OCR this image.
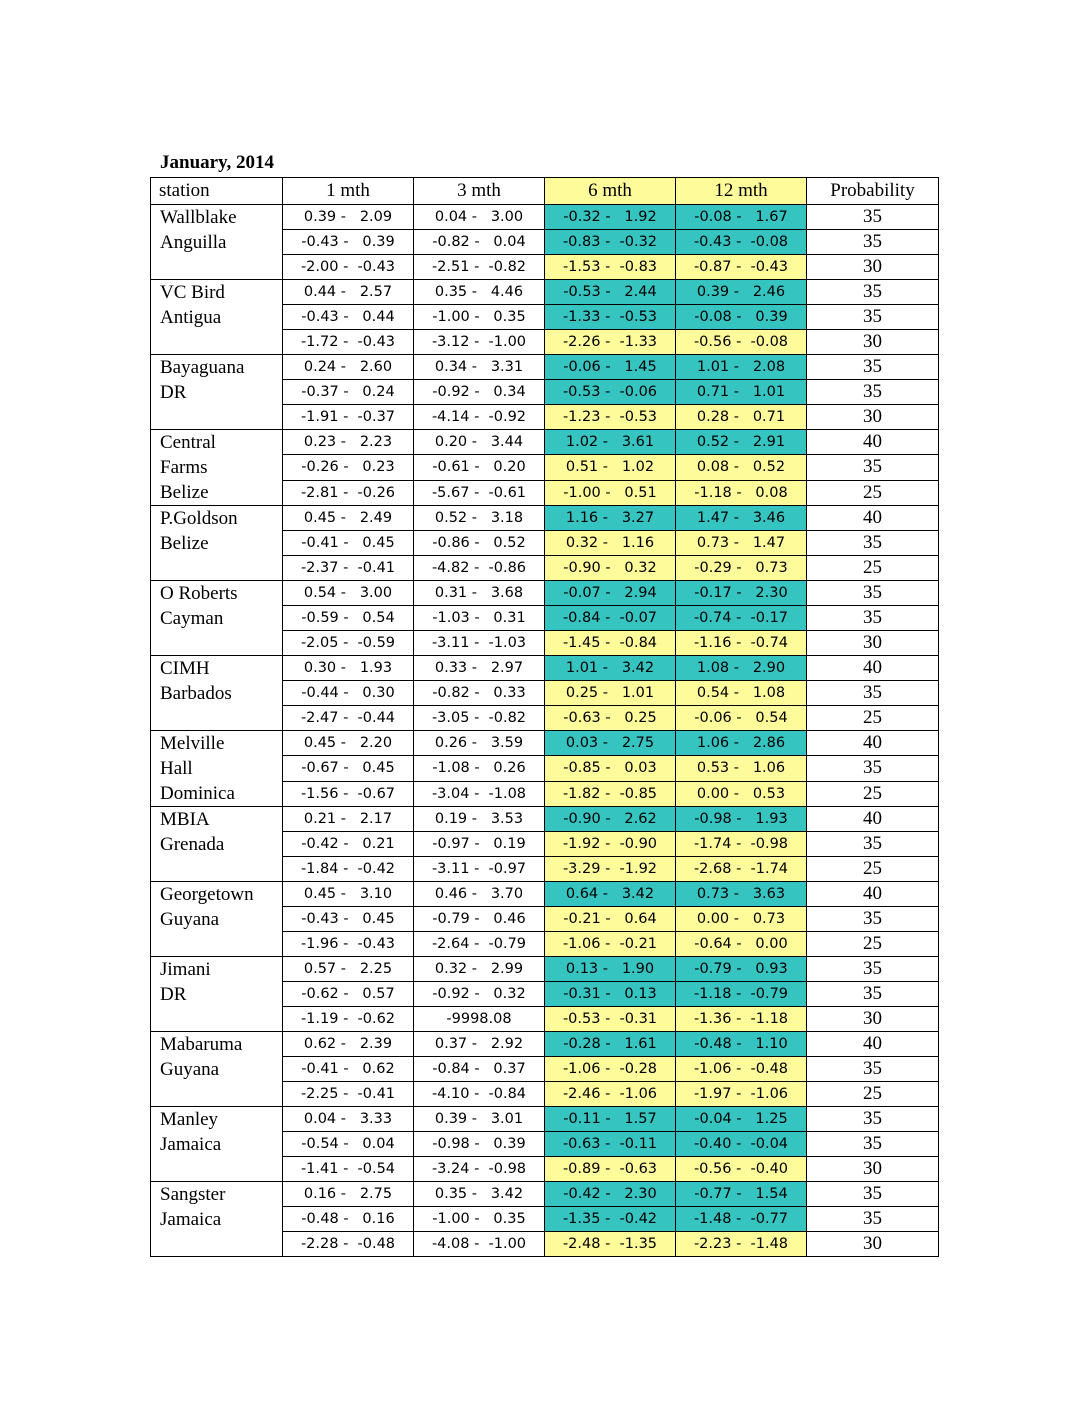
January, 2014
station	1 mth	3 mth	6 mth	12 mth	Probability

Wallblake
Anguilla	0.39 -   2.09	0.04 -   3.00	-0.32 -   1.92	-0.08 -   1.67	35
	-0.43 -   0.39	-0.82 -   0.04	-0.83 -  -0.32	-0.43 -  -0.08	35
	-2.00 -  -0.43	-2.51 -  -0.82	-1.53 -  -0.83	-0.87 -  -0.43	30

VC Bird
Antigua	0.44 -   2.57	0.35 -   4.46	-0.53 -   2.44	0.39 -   2.46	35
	-0.43 -   0.44	-1.00 -   0.35	-1.33 -  -0.53	-0.08 -   0.39	35
	-1.72 -  -0.43	-3.12 -  -1.00	-2.26 -  -1.33	-0.56 -  -0.08	30

Bayaguana
DR	0.24 -   2.60	0.34 -   3.31	-0.06 -   1.45	1.01 -   2.08	35
	-0.37 -   0.24	-0.92 -   0.34	-0.53 -  -0.06	0.71 -   1.01	35
	-1.91 -  -0.37	-4.14 -  -0.92	-1.23 -  -0.53	0.28 -   0.71	30

Central
Farms
Belize	0.23 -   2.23	0.20 -   3.44	1.02 -   3.61	0.52 -   2.91	40
	-0.26 -   0.23	-0.61 -   0.20	0.51 -   1.02	0.08 -   0.52	35
	-2.81 -  -0.26	-5.67 -  -0.61	-1.00 -   0.51	-1.18 -   0.08	25

P.Goldson
Belize	0.45 -   2.49	0.52 -   3.18	1.16 -   3.27	1.47 -   3.46	40
	-0.41 -   0.45	-0.86 -   0.52	0.32 -   1.16	0.73 -   1.47	35
	-2.37 -  -0.41	-4.82 -  -0.86	-0.90 -   0.32	-0.29 -   0.73	25

O Roberts
Cayman	0.54 -   3.00	0.31 -   3.68	-0.07 -   2.94	-0.17 -   2.30	35
	-0.59 -   0.54	-1.03 -   0.31	-0.84 -  -0.07	-0.74 -  -0.17	35
	-2.05 -  -0.59	-3.11 -  -1.03	-1.45 -  -0.84	-1.16 -  -0.74	30

CIMH
Barbados	0.30 -   1.93	0.33 -   2.97	1.01 -   3.42	1.08 -   2.90	40
	-0.44 -   0.30	-0.82 -   0.33	0.25 -   1.01	0.54 -   1.08	35
	-2.47 -  -0.44	-3.05 -  -0.82	-0.63 -   0.25	-0.06 -   0.54	25

Melville
Hall
Dominica	0.45 -   2.20	0.26 -   3.59	0.03 -   2.75	1.06 -   2.86	40
	-0.67 -   0.45	-1.08 -   0.26	-0.85 -   0.03	0.53 -   1.06	35
	-1.56 -  -0.67	-3.04 -  -1.08	-1.82 -  -0.85	0.00 -   0.53	25

MBIA
Grenada	0.21 -   2.17	0.19 -   3.53	-0.90 -   2.62	-0.98 -   1.93	40
	-0.42 -   0.21	-0.97 -   0.19	-1.92 -  -0.90	-1.74 -  -0.98	35
	-1.84 -  -0.42	-3.11 -  -0.97	-3.29 -  -1.92	-2.68 -  -1.74	25

Georgetown
Guyana	0.45 -   3.10	0.46 -   3.70	0.64 -   3.42	0.73 -   3.63	40
	-0.43 -   0.45	-0.79 -   0.46	-0.21 -   0.64	0.00 -   0.73	35
	-1.96 -  -0.43	-2.64 -  -0.79	-1.06 -  -0.21	-0.64 -   0.00	25

Jimani
DR	0.57 -   2.25	0.32 -   2.99	0.13 -   1.90	-0.79 -   0.93	35
	-0.62 -   0.57	-0.92 -   0.32	-0.31 -   0.13	-1.18 -  -0.79	35
	-1.19 -  -0.62	-9998.08	-0.53 -  -0.31	-1.36 -  -1.18	30

Mabaruma
Guyana	0.62 -   2.39	0.37 -   2.92	-0.28 -   1.61	-0.48 -   1.10	40
	-0.41 -   0.62	-0.84 -   0.37	-1.06 -  -0.28	-1.06 -  -0.48	35
	-2.25 -  -0.41	-4.10 -  -0.84	-2.46 -  -1.06	-1.97 -  -1.06	25

Manley
Jamaica	0.04 -   3.33	0.39 -   3.01	-0.11 -   1.57	-0.04 -   1.25	35
	-0.54 -   0.04	-0.98 -   0.39	-0.63 -  -0.11	-0.40 -  -0.04	35
	-1.41 -  -0.54	-3.24 -  -0.98	-0.89 -  -0.63	-0.56 -  -0.40	30

Sangster
Jamaica	0.16 -   2.75	0.35 -   3.42	-0.42 -   2.30	-0.77 -   1.54	35
	-0.48 -   0.16	-1.00 -   0.35	-1.35 -  -0.42	-1.48 -  -0.77	35
	-2.28 -  -0.48	-4.08 -  -1.00	-2.48 -  -1.35	-2.23 -  -1.48	30
